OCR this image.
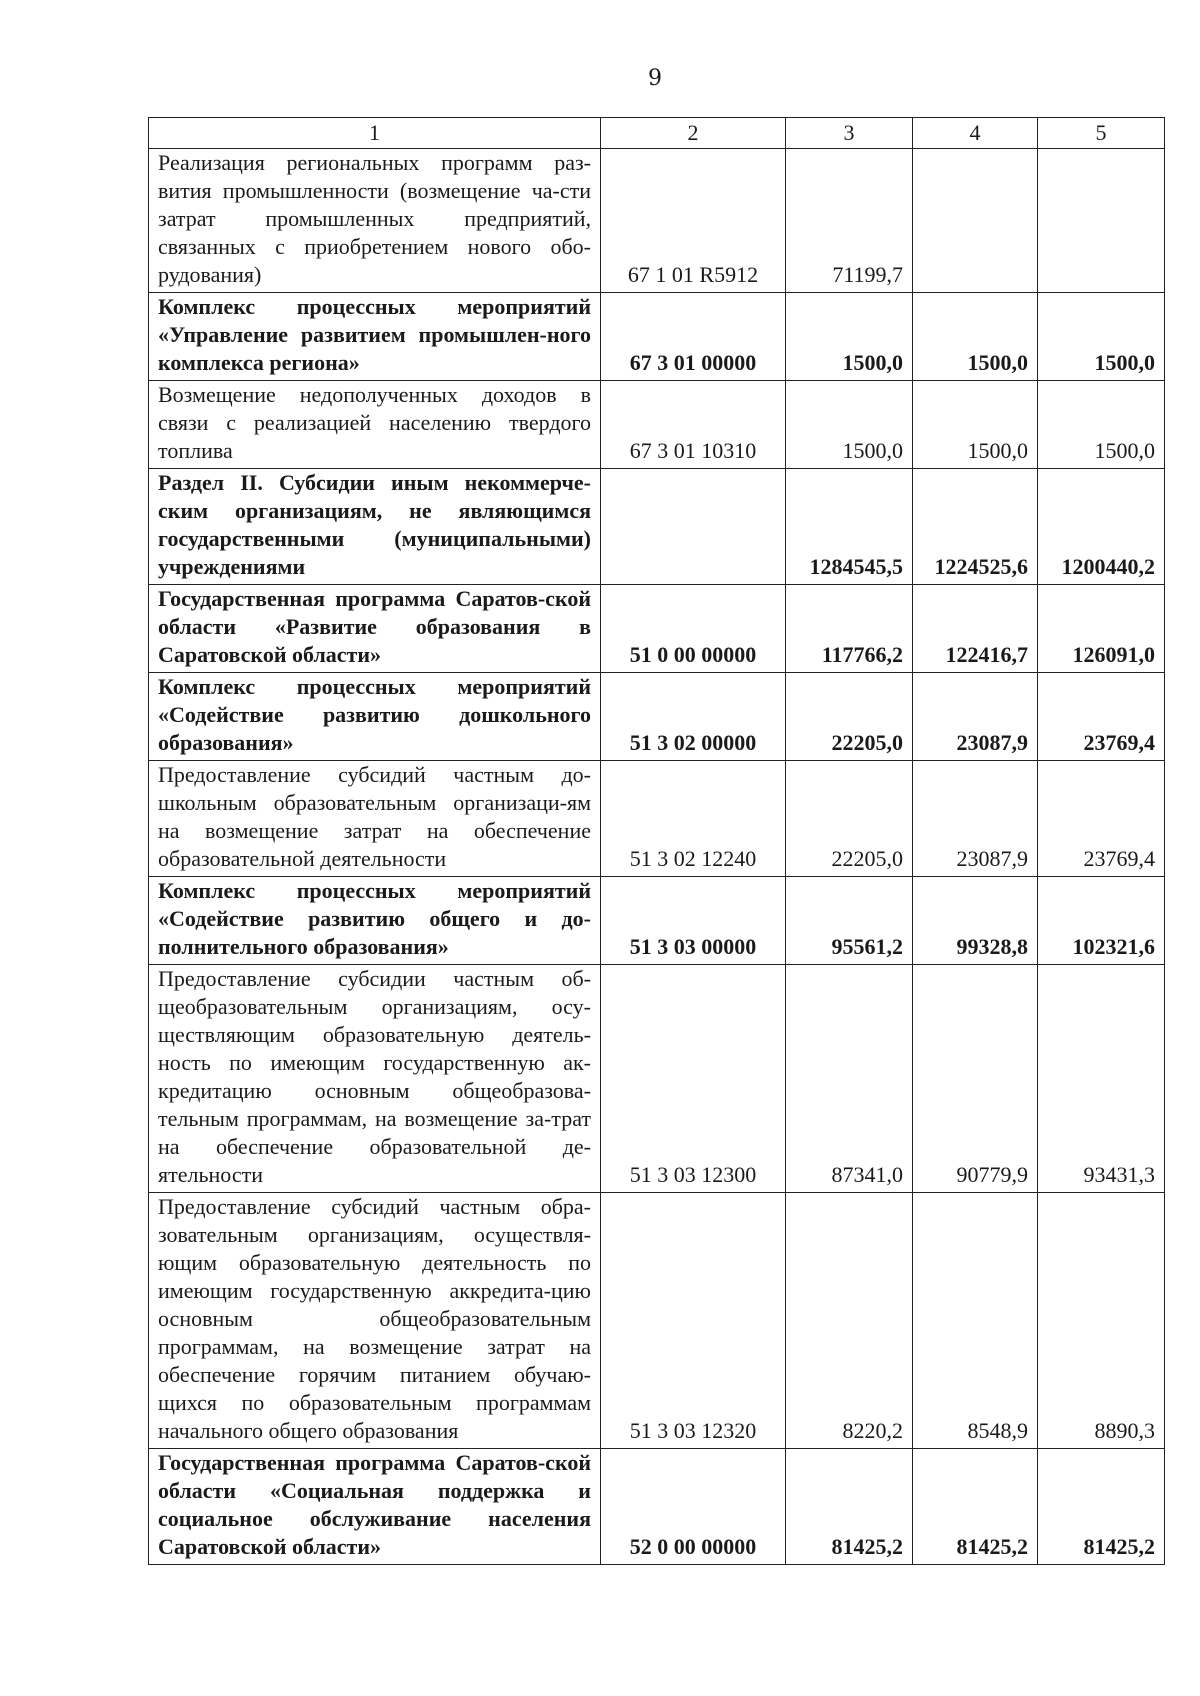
9
1	2	3	4	5
Реализация региональных программ раз-вития промышленности (возмещение ча-сти затрат промышленных предприятий, связанных с приобретением нового обо-рудования)	67 1 01 R5912	71199,7		
Комплекс процессных мероприятий «Управление развитием промышлен-ного комплекса региона»	67 3 01 00000	1500,0	1500,0	1500,0
Возмещение недополученных доходов в связи с реализацией населению твердого топлива	67 3 01 10310	1500,0	1500,0	1500,0
Раздел II. Субсидии иным некоммерче-ским организациям, не являющимся государственными (муниципальными) учреждениями		1284545,5	1224525,6	1200440,2
Государственная программа Саратов-ской области «Развитие образования в Саратовской области»	51 0 00 00000	117766,2	122416,7	126091,0
Комплекс процессных мероприятий «Содействие развитию дошкольного образования»	51 3 02 00000	22205,0	23087,9	23769,4
Предоставление субсидий частным до-школьным образовательным организаци-ям на возмещение затрат на обеспечение образовательной деятельности	51 3 02 12240	22205,0	23087,9	23769,4
Комплекс процессных мероприятий «Содействие развитию общего и до-полнительного образования»	51 3 03 00000	95561,2	99328,8	102321,6
Предоставление субсидии частным об-щеобразовательным организациям, осу-ществляющим образовательную деятель-ность по имеющим государственную ак-кредитацию основным общеобразова-тельным программам, на возмещение за-трат на обеспечение образовательной де-ятельности	51 3 03 12300	87341,0	90779,9	93431,3
Предоставление субсидий частным обра-зовательным организациям, осуществля-ющим образовательную деятельность по имеющим государственную аккредита-цию основным общеобразовательным программам, на возмещение затрат на обеспечение горячим питанием обучаю-щихся по образовательным программам начального общего образования	51 3 03 12320	8220,2	8548,9	8890,3
Государственная программа Саратов-ской области «Социальная поддержка и социальное обслуживание населения Саратовской области»	52 0 00 00000	81425,2	81425,2	81425,2
